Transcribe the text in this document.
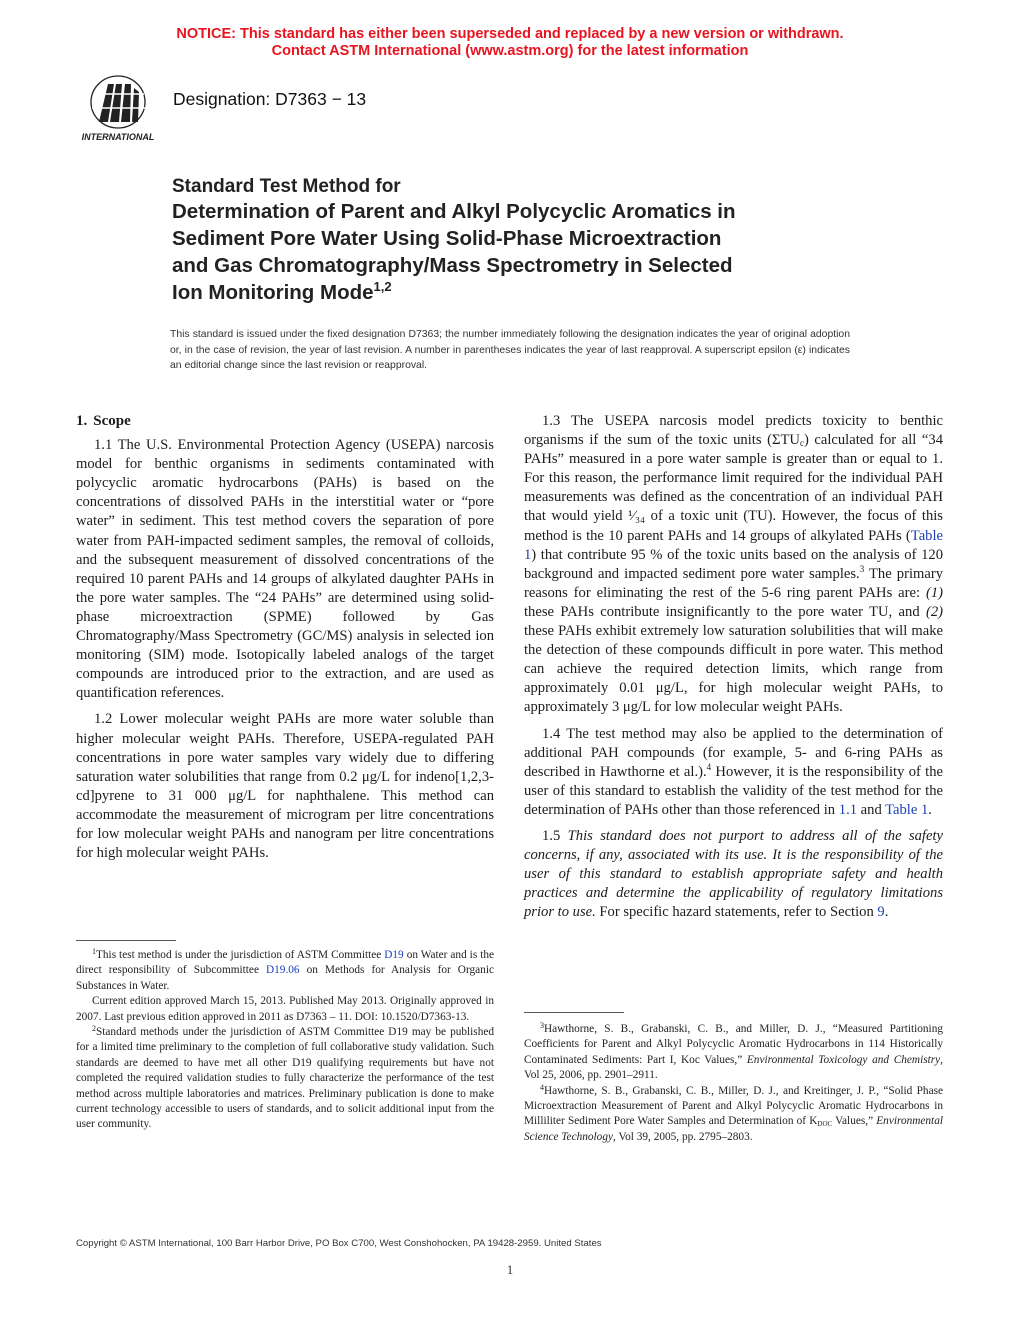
NOTICE: This standard has either been superseded and replaced by a new version or withdrawn.
Contact ASTM International (www.astm.org) for the latest information
INTERNATIONAL
Designation: D7363 − 13
Standard Test Method for
Determination of Parent and Alkyl Polycyclic Aromatics in
Sediment Pore Water Using Solid-Phase Microextraction
and Gas Chromatography/Mass Spectrometry in Selected
Ion Monitoring Mode$^{1,2}$
This standard is issued under the fixed designation D7363; the number immediately following the designation indicates the year of original adoption or, in the case of revision, the year of last revision. A number in parentheses indicates the year of last reapproval. A superscript epsilon (ε) indicates an editorial change since the last revision or reapproval.
1. Scope

1.1 The U.S. Environmental Protection Agency (USEPA) narcosis model for benthic organisms in sediments contaminated with polycyclic aromatic hydrocarbons (PAHs) is based on the concentrations of dissolved PAHs in the interstitial water or “pore water” in sediment. This test method covers the separation of pore water from PAH-impacted sediment samples, the removal of colloids, and the subsequent measurement of dissolved concentrations of the required 10 parent PAHs and 14 groups of alkylated daughter PAHs in the pore water samples. The “24 PAHs” are determined using solid-phase microextraction (SPME) followed by Gas Chromatography/Mass Spectrometry (GC/MS) analysis in selected ion monitoring (SIM) mode. Isotopically labeled analogs of the target compounds are introduced prior to the extraction, and are used as quantification references.

1.2 Lower molecular weight PAHs are more water soluble than higher molecular weight PAHs. Therefore, USEPA-regulated PAH concentrations in pore water samples vary widely due to differing saturation water solubilities that range from 0.2 μg/L for indeno[1,2,3-cd]pyrene to 31 000 μg/L for naphthalene. This method can accommodate the measurement of microgram per litre concentrations for low molecular weight PAHs and nanogram per litre concentrations for high molecular weight PAHs.

1.3 The USEPA narcosis model predicts toxicity to benthic organisms if the sum of the toxic units $(\Sigma TU_c)$ calculated for all “34 PAHs” measured in a pore water sample is greater than or equal to 1. For this reason, the performance limit required for the individual PAH measurements was defined as the concentration of an individual PAH that would yield ¹⁄₃₄ of a toxic unit (TU). However, the focus of this method is the 10 parent PAHs and 14 groups of alkylated PAHs (Table 1) that contribute 95 % of the toxic units based on the analysis of 120 background and impacted sediment pore water samples.$^3$ The primary reasons for eliminating the rest of the 5-6 ring parent PAHs are: (1) these PAHs contribute insignificantly to the pore water TU, and (2) these PAHs exhibit extremely low saturation solubilities that will make the detection of these compounds difficult in pore water. This method can achieve the required detection limits, which range from approximately 0.01 μg/L, for high molecular weight PAHs, to approximately 3 μg/L for low molecular weight PAHs.

1.4 The test method may also be applied to the determination of additional PAH compounds (for example, 5- and 6-ring PAHs as described in Hawthorne et al.).$^4$ However, it is the responsibility of the user of this standard to establish the validity of the test method for the determination of PAHs other than those referenced in 1.1 and Table 1.

1.5 This standard does not purport to address all of the safety concerns, if any, associated with its use. It is the responsibility of the user of this standard to establish appropriate safety and health practices and determine the applicability of regulatory limitations prior to use. For specific hazard statements, refer to Section 9.

$^1$This test method is under the jurisdiction of ASTM Committee D19 on Water and is the direct responsibility of Subcommittee D19.06 on Methods for Analysis for Organic Substances in Water.

Current edition approved March 15, 2013. Published May 2013. Originally approved in 2007. Last previous edition approved in 2011 as D7363 – 11. DOI: 10.1520/D7363-13.

$^2$Standard methods under the jurisdiction of ASTM Committee D19 may be published for a limited time preliminary to the completion of full collaborative study validation. Such standards are deemed to have met all other D19 qualifying requirements but have not completed the required validation studies to fully characterize the performance of the test method across multiple laboratories and matrices. Preliminary publication is done to make current technology accessible to users of standards, and to solicit additional input from the user community.

$^3$Hawthorne, S. B., Grabanski, C. B., and Miller, D. J., “Measured Partitioning Coefficients for Parent and Alkyl Polycyclic Aromatic Hydrocarbons in 114 Historically Contaminated Sediments: Part I, Koc Values,” Environmental Toxicology and Chemistry, Vol 25, 2006, pp. 2901–2911.

$^4$Hawthorne, S. B., Grabanski, C. B., Miller, D. J., and Kreitinger, J. P., “Solid Phase Microextraction Measurement of Parent and Alkyl Polycyclic Aromatic Hydrocarbons in Milliliter Sediment Pore Water Samples and Determination of $K_{DOC}$ Values,” Environmental Science Technology, Vol 39, 2005, pp. 2795–2803.

Copyright © ASTM International, 100 Barr Harbor Drive, PO Box C700, West Conshohocken, PA 19428-2959. United States
1
